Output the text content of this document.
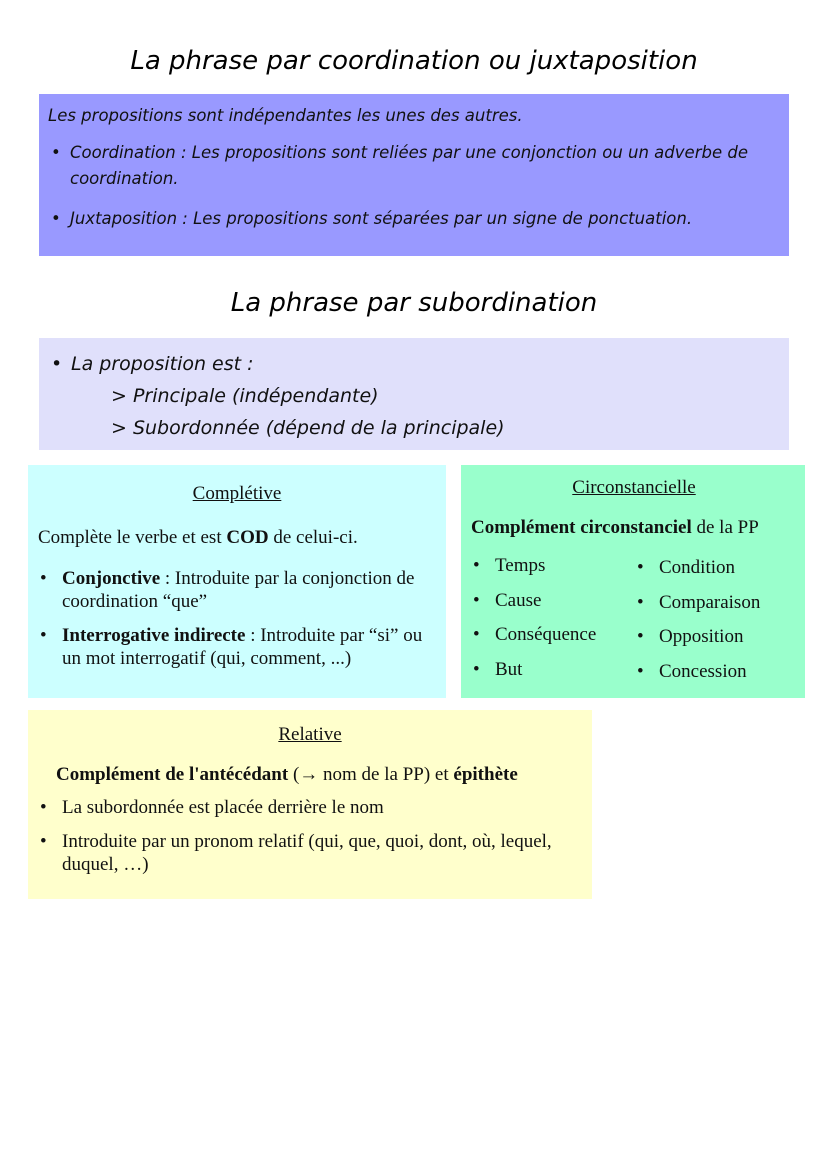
La phrase par coordination ou juxtaposition
Les propositions sont indépendantes les unes des autres.
• Coordination : Les propositions sont reliées par une conjonction ou un adverbe de coordination.
• Juxtaposition : Les propositions sont séparées par un signe de ponctuation.
La phrase par subordination
• La proposition est :
> Principale (indépendante)
> Subordonnée (dépend de la principale)
Complétive
Complète le verbe et est COD de celui-ci.
• Conjonctive : Introduite par la conjonction de coordination “que”
• Interrogative indirecte : Introduite par “si” ou un mot interrogatif (qui, comment, ...)
Circonstancielle
Complément circonstanciel de la PP
• Temps
• Cause
• Conséquence
• But
• Condition
• Comparaison
• Opposition
• Concession
Relative
Complément de l'antécédant (→ nom de la PP) et épithète
• La subordonnée est placée derrière le nom
• Introduite par un pronom relatif (qui, que, quoi, dont, où, lequel, duquel, …)
